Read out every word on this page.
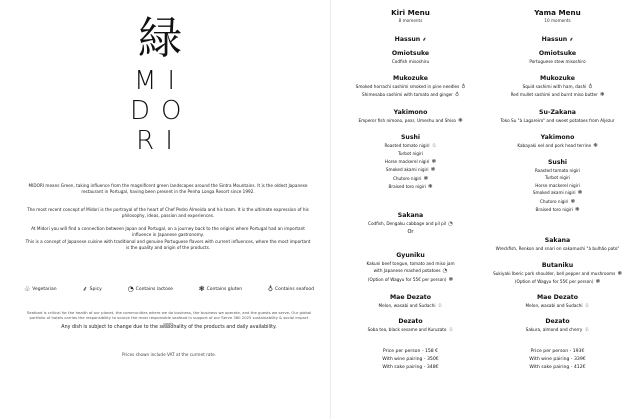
緑
MI
DO
RI
MIDORI means Green, taking influence from the magnificent green landscapes around the Sintra Mountains. It is the oldest Japanese restaurant in Portugal, having been present in the Penha Longa Resort since 1992.
The most recent concept of Midori is the portrayal of the heart of Chef Pedro Almeida and his team. It is the ultimate expression of his philosophy, ideas, passion and experiences.
At Midori you will find a connection between Japan and Portugal, on a journey back to the origins where Portugal had an important influence in Japanese gastronomy.
This is a concept of Japanese cuisine with traditional and genuine Portuguese flavors with current influences, where the most important is the quality and origin of the products.
♧ Vegetarian	⸙ Spicy	◔ Contains lactose	❃ Contains gluten	♁ Contains seafood
Seafood is critical for the health of our planet, the communities where we do business, the business we operate, and the guests we serve. Our global portfolio of hotels carries the responsibility to source the most responsible seafood in support of our Serve 360 2025 sustainability & social impact goals.
Any dish is subject to change due to the seasonality of the products and daily availability.
Prices shown include VAT at the current rate.
Kiri Menu
8 moments
Hassun ⸙
Omiotsuke
Codfish misoshiru
Mukozuke
Smoked horrachi sashimi smoked in pine needles ♁
Shimesaba sashimi with tomato and ginger ♁
Yakimono
Emperor fish nimono, pear, Umeshu and Shiso ❃
Sushi
Roasted tomato nigiri ♧
Turbot nigiri
Horse mackerel nigiri ❃
Smoked akami nigiri ❃
Chutoro nigiri ❃
Braised toro nigiri ❃
Sakana
Codfish, Dengaku cabbage and pil pil ◔
Or
Gyuniku
Kakuni beef tongue, tomato and miso jam
with Japanese mashed potatoes ◔
(Option of Wagyu for 55€ per person) ❃
Mae Dezato
Melon, wasabi and Sudachi ♧
Dezato
Soba tea, black sesame and Kuruzato ♧
Price per person - 158 €
With wine pairing - 350€
With sake pairing - 348€
Yama Menu
10 moments
Hassun ⸙
Omiotsuke
Portuguese stew misoshiro
Mukozuke
Squid sashimi with ham, dashi ♁
Red mullet sashimi and burnt miso butter ❃
Su-Zakana
Toko Su "à Lagareiro" and sweet potatoes from Aljezur
Yakimono
Kabayaki eel and pork head terrine ❃
Sushi
Roasted tomato nigiri
Turbot nigiri
Horse mackerel nigiri
Smoked akami nigiri ❃
Chutoro nigiri ❃
Braised toro nigiri ❃
Sakana
Wreckfish, Renkon and snari on sakamushi "à bulhão pato"
Butaniku
Sukiyaki Iberic pork shoulder, bell pepper and mushrooms ❃
(Option of Wagyu for 55€ per person) ❃
Mae Dezato
Melon, wasabi and Sudachi ♧
Dezato
Sakura, almond and cherry ♧
Price per person - 193€
With wine pairing - 339€
With sake pairing - 412€
